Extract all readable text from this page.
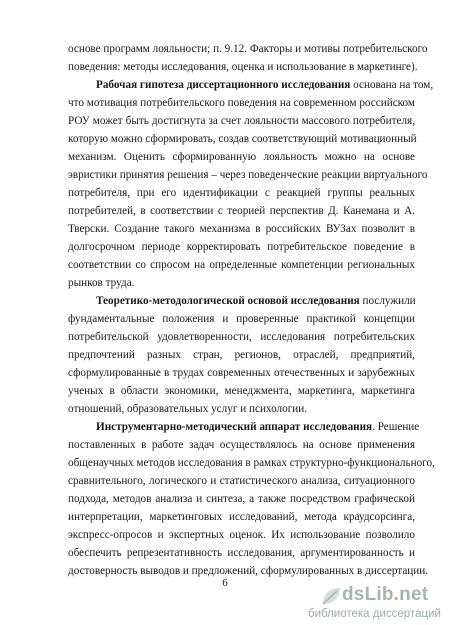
основе программ лояльности; п. 9.12. Факторы и мотивы потребительского
поведения: методы исследования, оценка и использование в маркетинге).
Рабочая гипотеза диссертационного исследования основана на том,
что мотивация потребительского поведения на современном российском
РОУ может быть достигнута за счет лояльности массового потребителя,
которую можно сформировать, создав соответствующий мотивационный
механизм. Оценить сформированную лояльность можно на основе
эвристики принятия решения – через поведенческие реакции виртуального
потребителя, при его идентификации с реакцией группы реальных
потребителей, в соответствии с теорией перспектив Д. Канемана и А.
Тверски. Создание такого механизма в российских ВУЗах позволит в
долгосрочном периоде корректировать потребительское поведение в
соответствии со спросом на определенные компетенции региональных
рынков труда.
Теоретико-методологической основой исследования послужили
фундаментальные положения и проверенные практикой концепции
потребительской удовлетворенности, исследования потребительских
предпочтений разных стран, регионов, отраслей, предприятий,
сформулированные в трудах современных отечественных и зарубежных
ученых в области экономики, менеджмента, маркетинга, маркетинга
отношений, образовательных услуг и психологии.
Инструментарно-методический аппарат исследования. Решение
поставленных в работе задач осуществлялось на основе применения
общенаучных методов исследования в рамках структурно-функционального,
сравнительного, логического и статистического анализа, ситуационного
подхода, методов анализа и синтеза, а также посредством графической
интерпретации, маркетинговых исследований, метода краудсорсинга,
экспресс-опросов и экспертных оценок. Их использование позволило
обеспечить репрезентативность исследования, аргументированность и
достоверность выводов и предложений, сформулированных в диссертации.
6
dsLib.net
библиотека диссертаций
